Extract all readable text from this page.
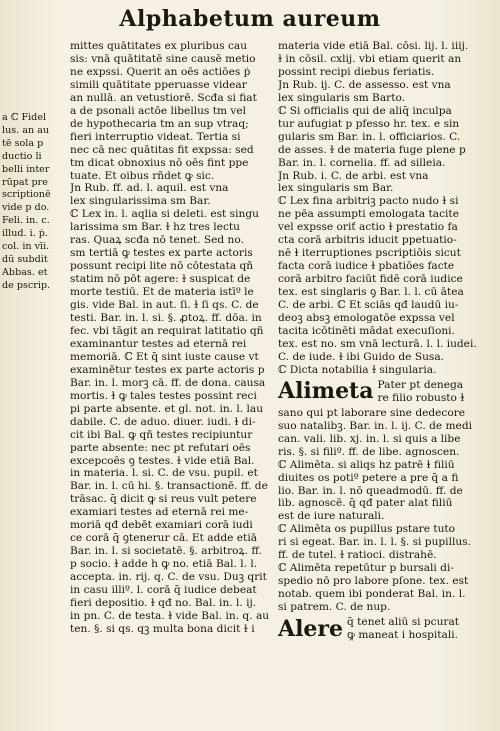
Alphabetum aureum
a ℂ Fidel
lus. an au
tē sola p
ductio li
belli inter
rūpat pre
scriptionē
vide p do.
Feli. in. c.
illud. i. ṗ.
col. in vīi.
dū subdit
Abbas. et
de pscrip.
mittes quātitates ex pluribus cau
sis: vnā quātitatē sine causē metio
ne expssi. Querit an oēs actiōes ṗ
simili quātitate pperuasse videar
an nullā. an vetustiorē. Scđa si fiat
a de psonali actōe libellus tm vel
de hypothecaria tm an sup vtraq;
fieri interruptio videat. Tertia si
nec cā nec quātitas fit expssa: sed
tm dicat obnoxius nō oēs fint ppe
tuate. Et oibus rñdet ꝙ sic.
Jn Rub. ff. ad. l. aquil. est vna
lex singularissima sm Bar.
ℂ Lex in. l. aqlia si deleti. est singu
larissima sm Bar. ɫ hz tres lectu
ras. Quaꝝ scđa nō tenet. Sed no.
sm tertiā ꝙ testes ex parte actoris
possunt recipi lite nō cōtestata qñ
statim nō pōt agere: ɫ suspicat de
morte testiū. Et de materia istīº le
gis. vide Bal. in aut. ſi. ɫ ſi qs. C. de
testi. Bar. in. l. si. §. ꝓtoꝝ. ff. dōa. in
fec. vbi tāgit an requirat latitatio qñ
examinantur testes ad eternā rei
memoriā. ℂ Et q̄ sint iuste cause vt
examinētur testes ex parte actoris p
Bar. in. l. morꝫ cā. ff. de dona. causa
mortis. ɫ ꝙ tales testes possint reci
pi parte absente. et gl. not. in. l. lau
dabile. C. de aduo. diuer. iudi. ɫ di-
cit ibi Bal. ꝙ qñ testes recipiuntur
parte absente: nec pt refutari oēs
excepcoēs ꝯ testes. ɫ vide etiā Bal.
in materia. l. si. C. de vsu. pupil. et
Bar. in. l. cū hi. §. transactionē. ff. de
trāsac. q̄ dicit ꝙ si reus vult petere
examiari testes ad eternā rei me-
moriā qđ debēt examiari corā iudi
ce corā q̄ ꝯtenerur cā. Et adde etiā
Bar. in. l. si societatē. §. arbitroꝝ. ff.
p socio. ɫ adde h ꝙ no. etiā Bal. l. l.
accepta. in. rij. q. C. de vsu. Duꝫ qrit
in casu illiº. l. corā q̄ iudice debeat
fieri depositio. ɫ qđ no. Bal. in. l. ij.
in pn. C. de testa. ɫ vide Bal. in. q. au
ten. §. si qs. qꝫ multa bona dicit ɫ i
materia vide etiā Bal. cōsi. lij. l. iiij.
ɫ in cōsil. cxlij. vbi etiam querit an
possint recipi diebus feriatis.
Jn Rub. ij. C. de assesso. est vna
lex singularis sm Barto.
ℂ Si officialis qui de aliq̄ inculpa
tur aufugiat p pfesso hr. tex. e sin
gularis sm Bar. in. l. officiarios. C.
de asses. ɫ de materia fuge plene p
Bar. in. l. cornelia. ff. ad silleia.
Jn Rub. i. C. de arbi. est vna
lex singularis sm Bar.
ℂ Lex fina arbitriꝫ pacto nudo ɫ si
ne pēa assumpti emologata tacite
vel expsse oriť actio ɫ prestatio fa
cta corā arbitris iducit ppetuatio-
nē ɫ iterruptiones pscriptiōis sicut
facta corā iudice ɫ pbatiōes facte
corā arbitro faciūt fidē corā iudice
tex. est singlaris ꝯ Bar. l. l. cū ātea
C. de arbi. ℂ Et sciās qđ laudū iu-
deoꝫ absꝫ emologatōe expssa vel
tacita icōtinēti mādat execuſioni.
tex. est no. sm vnā lecturā. l. l. iudei.
C. de iude. ɫ ibi Guido de Susa.
ℂ Dicta notabilia ɫ singularia.
Alimeta Pater pt denega
re filio robusto ɫ
sano qui pt laborare sine dedecore
suo natalibꝫ. Bar. in. l. ij. C. de medi
can. vali. lib. xj. in. l. si quis a libe
ris. §. si filiº. ff. de libe. agnoscen.
ℂ Alimēta. si aliqs hz patrē ɫ filiū
diuites os potiº petere a pre q̄ a fi
lio. Bar. in. l. nō queadmodū. ff. de
lib. agnoscē. q̄ qđ pater alat filiū
est de iure naturali.
ℂ Alimēta os pupillus pstare tuto
ri si egeat. Bar. in. l. l. §. si pupillus.
ff. de tutel. ɫ ratioci. distrahē.
ℂ Alimēta repetūtur p bursali di-
spedio nō pro labore pſone. tex. est
notab. quem ibi ponderat Bal. in. l.
si patrem. C. de nup.
Alere q̄ tenet aliū si pcurat
ꝙ maneat i hospitali.
